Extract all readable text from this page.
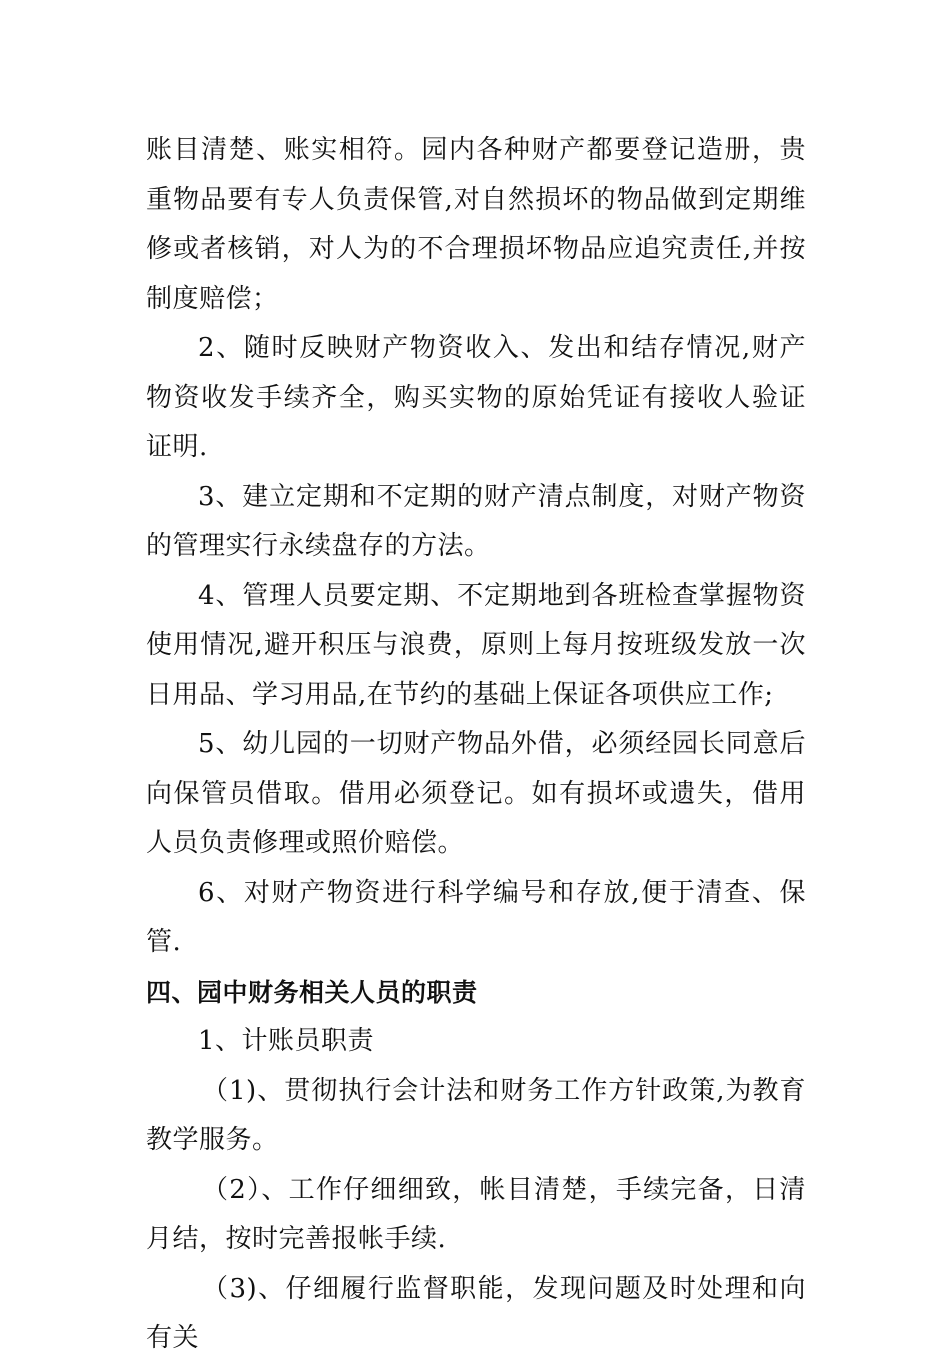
账目清楚、账实相符。园内各种财产都要登记造册，贵重物品要有专人负责保管,对自然损坏的物品做到定期维修或者核销，对人为的不合理损坏物品应追究责任,并按制度赔偿；

2、随时反映财产物资收入、发出和结存情况,财产物资收发手续齐全，购买实物的原始凭证有接收人验证证明.

3、建立定期和不定期的财产清点制度，对财产物资的管理实行永续盘存的方法。

4、管理人员要定期、不定期地到各班检查掌握物资使用情况,避开积压与浪费，原则上每月按班级发放一次日用品、学习用品,在节约的基础上保证各项供应工作;

5、幼儿园的一切财产物品外借，必须经园长同意后向保管员借取。借用必须登记。如有损坏或遗失，借用人员负责修理或照价赔偿。

6、对财产物资进行科学编号和存放,便于清查、保管.

四、园中财务相关人员的职责

1、计账员职责

（1)、贯彻执行会计法和财务工作方针政策,为教育教学服务。

（2）、工作仔细细致，帐目清楚，手续完备，日清月结，按时完善报帐手续.

（3)、仔细履行监督职能，发现问题及时处理和向有关
